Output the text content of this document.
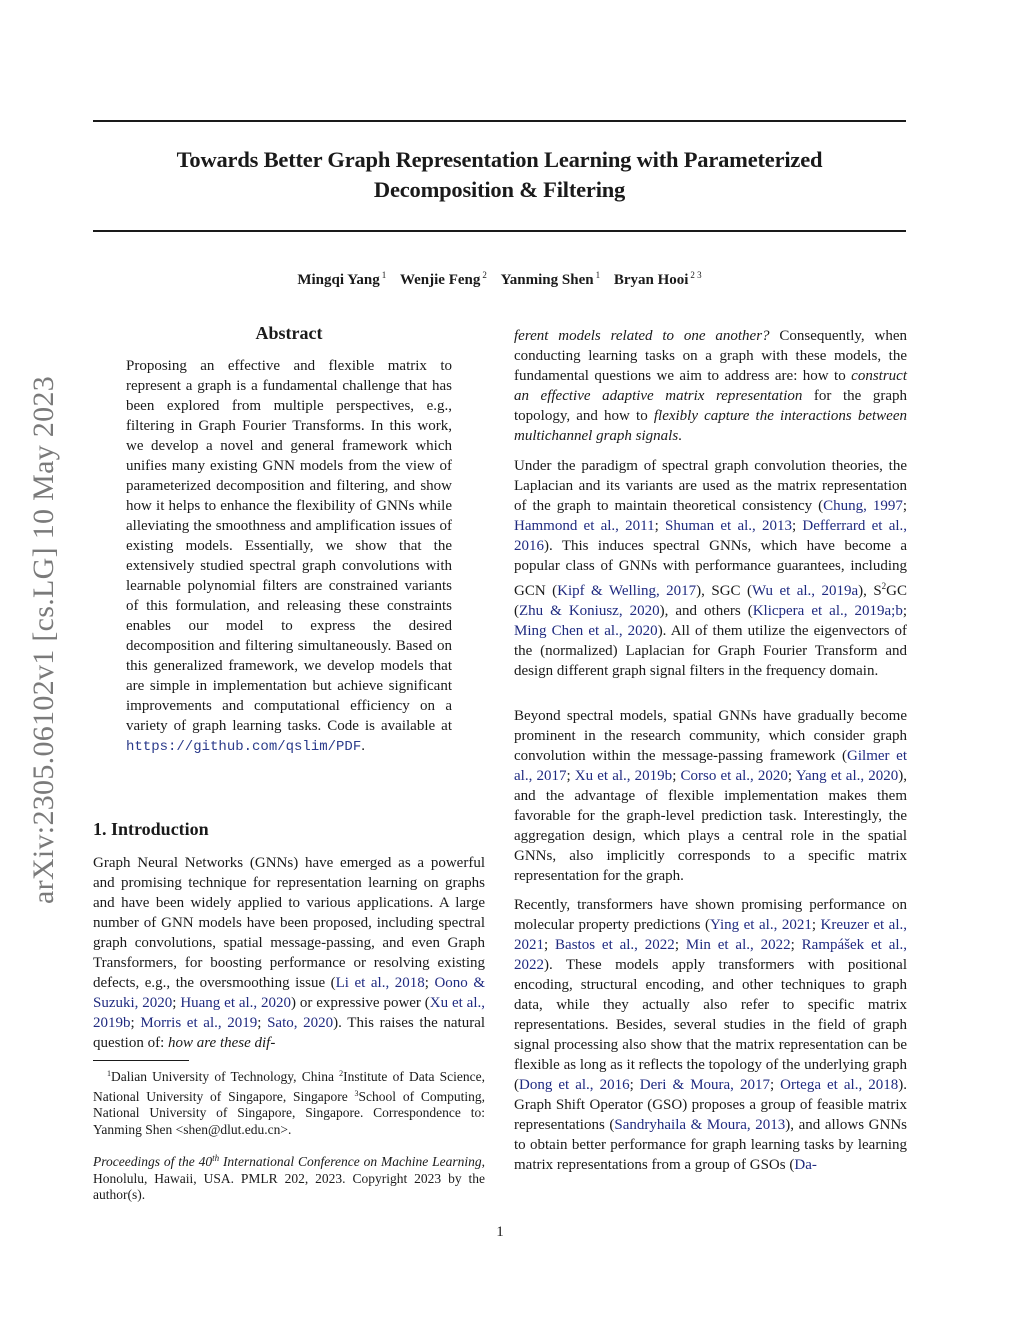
arXiv:2305.06102v1 [cs.LG] 10 May 2023
Towards Better Graph Representation Learning with Parameterized
Decomposition & Filtering
Mingqi Yang $^1$ Wenjie Feng $^2$ Yanming Shen $^1$ Bryan Hooi $^{2 3}$
Abstract
Proposing an effective and flexible matrix to represent a graph is a fundamental challenge that has been explored from multiple perspectives, e.g., filtering in Graph Fourier Transforms. In this work, we develop a novel and general framework which unifies many existing GNN models from the view of parameterized decomposition and filtering, and show how it helps to enhance the flexibility of GNNs while alleviating the smoothness and amplification issues of existing models. Essentially, we show that the extensively studied spectral graph convolutions with learnable polynomial filters are constrained variants of this formulation, and releasing these constraints enables our model to express the desired decomposition and filtering simultaneously. Based on this generalized framework, we develop models that are simple in implementation but achieve significant improvements and computational efficiency on a variety of graph learning tasks. Code is available at https://github.com/qslim/PDF.
1. Introduction
Graph Neural Networks (GNNs) have emerged as a powerful and promising technique for representation learning on graphs and have been widely applied to various applications. A large number of GNN models have been proposed, including spectral graph convolutions, spatial message-passing, and even Graph Transformers, for boosting performance or resolving existing defects, e.g., the oversmoothing issue (Li et al., 2018; Oono & Suzuki, 2020; Huang et al., 2020) or expressive power (Xu et al., 2019b; Morris et al., 2019; Sato, 2020). This raises the natural question of: how are these dif-
$^1$Dalian University of Technology, China $^2$Institute of Data Science, National University of Singapore, Singapore $^3$School of Computing, National University of Singapore, Singapore. Correspondence to: Yanming Shen <shen@dlut.edu.cn>.
Proceedings of the 40th International Conference on Machine Learning, Honolulu, Hawaii, USA. PMLR 202, 2023. Copyright 2023 by the author(s).
ferent models related to one another? Consequently, when conducting learning tasks on a graph with these models, the fundamental questions we aim to address are: how to construct an effective adaptive matrix representation for the graph topology, and how to flexibly capture the interactions between multichannel graph signals.
Under the paradigm of spectral graph convolution theories, the Laplacian and its variants are used as the matrix representation of the graph to maintain theoretical consistency (Chung, 1997; Hammond et al., 2011; Shuman et al., 2013; Defferrard et al., 2016). This induces spectral GNNs, which have become a popular class of GNNs with performance guarantees, including GCN (Kipf & Welling, 2017), SGC (Wu et al., 2019a), $S^2GC$ (Zhu & Koniusz, 2020), and others (Klicpera et al., 2019a;b; Ming Chen et al., 2020). All of them utilize the eigenvectors of the (normalized) Laplacian for Graph Fourier Transform and design different graph signal filters in the frequency domain.
Beyond spectral models, spatial GNNs have gradually become prominent in the research community, which consider graph convolution within the message-passing framework (Gilmer et al., 2017; Xu et al., 2019b; Corso et al., 2020; Yang et al., 2020), and the advantage of flexible implementation makes them favorable for the graph-level prediction task. Interestingly, the aggregation design, which plays a central role in the spatial GNNs, also implicitly corresponds to a specific matrix representation for the graph.
Recently, transformers have shown promising performance on molecular property predictions (Ying et al., 2021; Kreuzer et al., 2021; Bastos et al., 2022; Min et al., 2022; Rampášek et al., 2022). These models apply transformers with positional encoding, structural encoding, and other techniques to graph data, while they actually also refer to specific matrix representations. Besides, several studies in the field of graph signal processing also show that the matrix representation can be flexible as long as it reflects the topology of the underlying graph (Dong et al., 2016; Deri & Moura, 2017; Ortega et al., 2018). Graph Shift Operator (GSO) proposes a group of feasible matrix representations (Sandryhaila & Moura, 2013), and allows GNNs to obtain better performance for graph learning tasks by learning matrix representations from a group of GSOs (Da-
1
